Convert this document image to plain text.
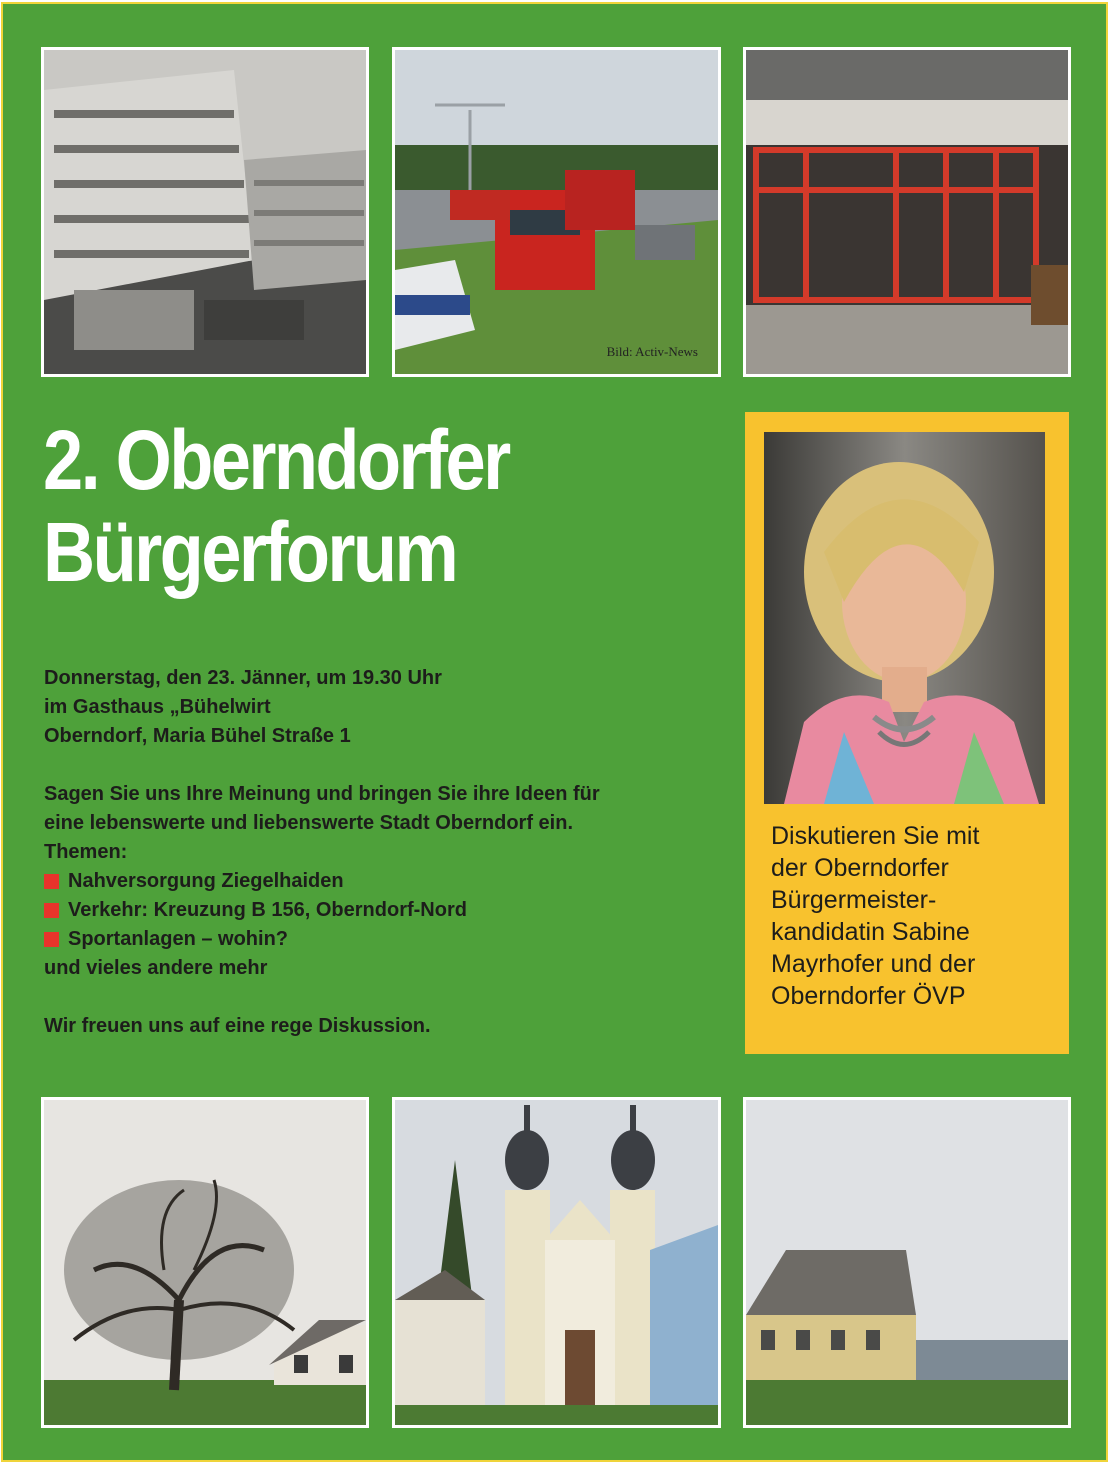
Bild: Activ-News
2. Oberndorfer
Bürgerforum

Donnerstag, den 23. Jänner, um 19.30 Uhr

im Gasthaus „Bühelwirt

Oberndorf, Maria Bühel Straße 1

Sagen Sie uns Ihre Meinung und bringen Sie ihre Ideen für

eine lebenswerte und liebenswerte Stadt Oberndorf ein.

Themen:

Nahversorgung Ziegelhaiden

Verkehr: Kreuzung B 156, Oberndorf-Nord

Sportanlagen – wohin?

und vieles andere mehr

Wir freuen uns auf eine rege Diskussion.

Diskutieren Sie mit
der Oberndorfer
Bürgermeister-
kandidatin Sabine
Mayrhofer und der
Oberndorfer ÖVP
